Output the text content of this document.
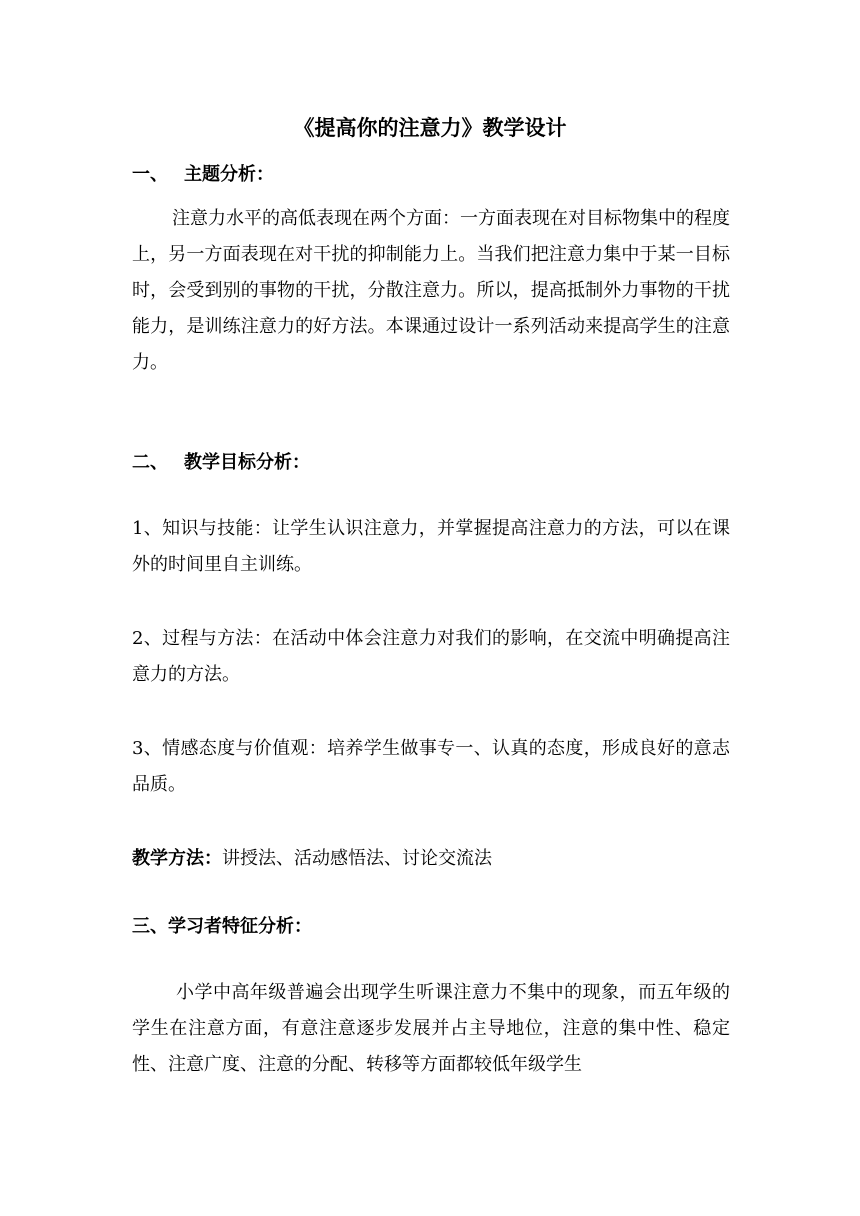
《提高你的注意力》教学设计
一、 主题分析：

注意力水平的高低表现在两个方面：一方面表现在对目标物集中的程度上，另一方面表现在对干扰的抑制能力上。当我们把注意力集中于某一目标时，会受到别的事物的干扰，分散注意力。所以，提高抵制外力事物的干扰能力，是训练注意力的好方法。本课通过设计一系列活动来提高学生的注意力。

二、 教学目标分析：

1、知识与技能：让学生认识注意力，并掌握提高注意力的方法，可以在课外的时间里自主训练。

2、过程与方法：在活动中体会注意力对我们的影响，在交流中明确提高注意力的方法。

3、情感态度与价值观：培养学生做事专一、认真的态度，形成良好的意志品质。

教学方法：讲授法、活动感悟法、讨论交流法

三、学习者特征分析：

小学中高年级普遍会出现学生听课注意力不集中的现象，而五年级的学生在注意方面，有意注意逐步发展并占主导地位，注意的集中性、稳定性、注意广度、注意的分配、转移等方面都较低年级学生
